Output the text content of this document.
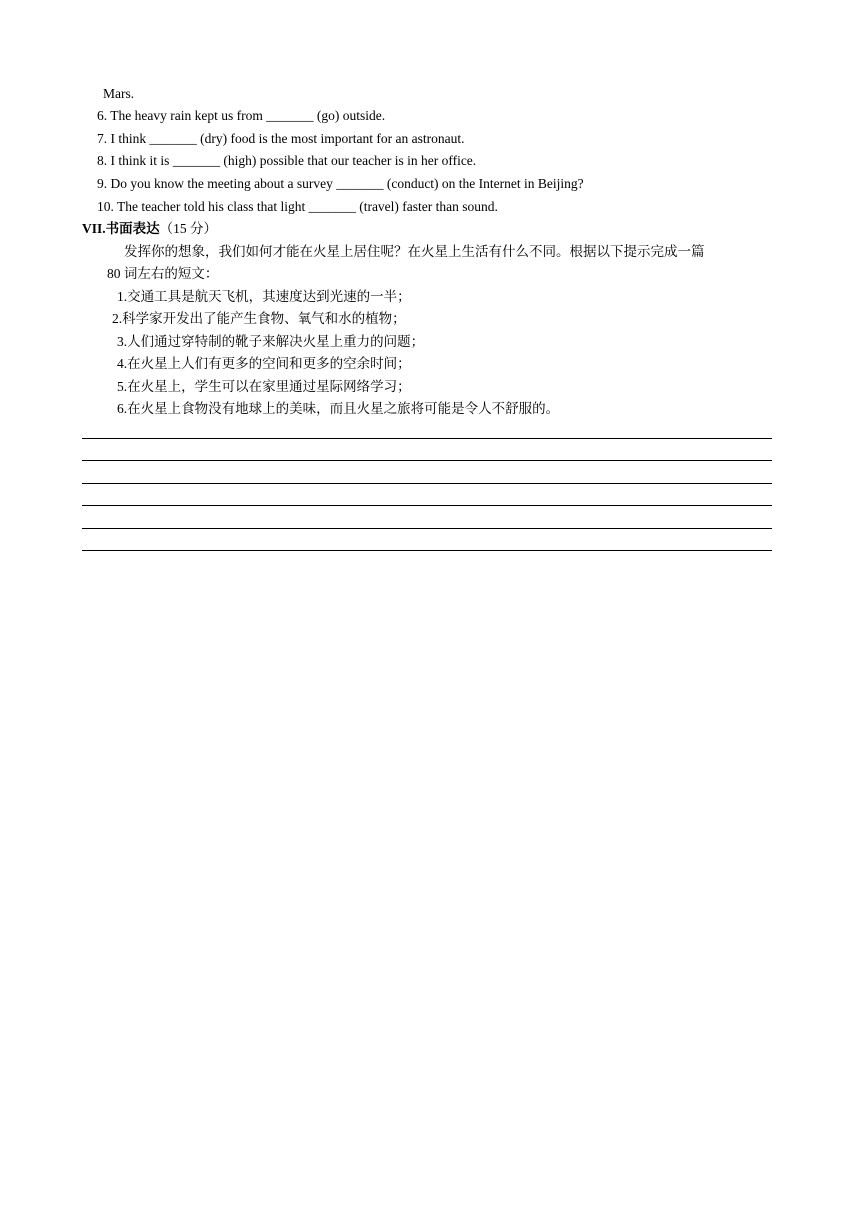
Mars.
6. The heavy rain kept us from _______ (go) outside.
7. I think _______ (dry) food is the most important for an astronaut.
8. I think it is _______ (high) possible that our teacher is in her office.
9. Do you know the meeting about a survey _______ (conduct) on the Internet in Beijing?
10. The teacher told his class that light _______ (travel) faster than sound.
VII.书面表达（15 分）
发挥你的想象，我们如何才能在火星上居住呢？在火星上生活有什么不同。根据以下提示完成一篇
80 词左右的短文：
1.交通工具是航天飞机，其速度达到光速的一半；
2.科学家开发出了能产生食物、氧气和水的植物；
3.人们通过穿特制的靴子来解决火星上重力的问题；
4.在火星上人们有更多的空间和更多的空余时间；
5.在火星上，学生可以在家里通过星际网络学习；
6.在火星上食物没有地球上的美味，而且火星之旅将可能是令人不舒服的。
